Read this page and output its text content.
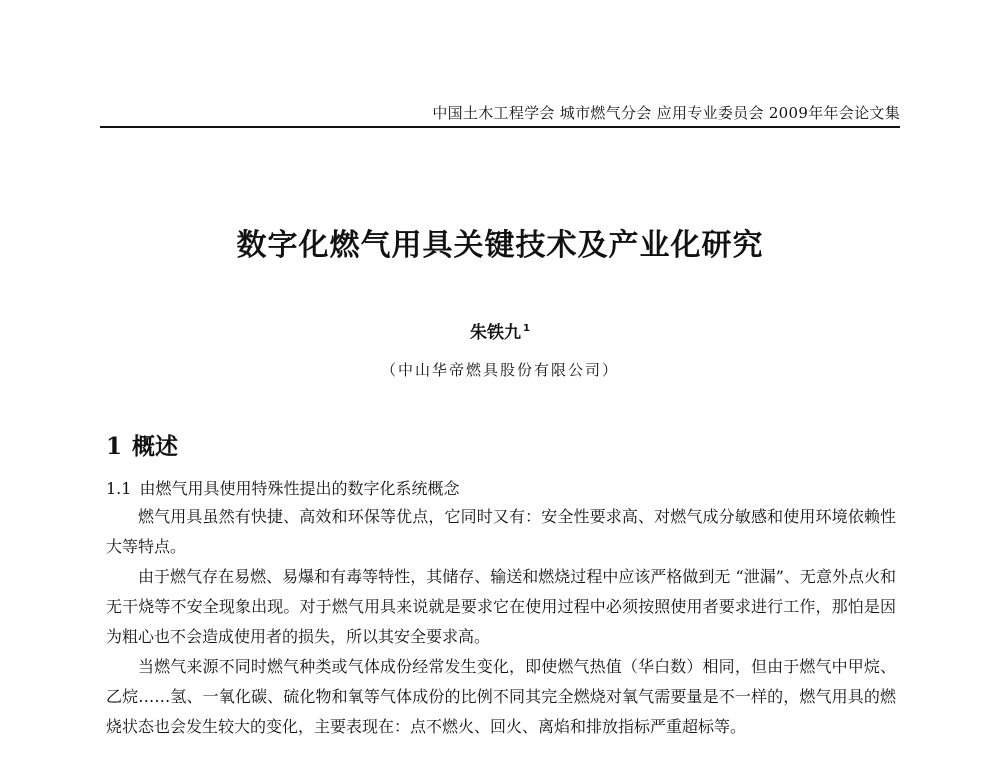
中国土木工程学会 城市燃气分会 应用专业委员会 2009年年会论文集
数字化燃气用具关键技术及产业化研究
朱铁九 $^1$
（中山华帝燃具股份有限公司）
1 概述
1.1 由燃气用具使用特殊性提出的数字化系统概念

燃气用具虽然有快捷、高效和环保等优点，它同时又有：安全性要求高、对燃气成分敏感和使用环境依赖性大等特点。

由于燃气存在易燃、易爆和有毒等特性，其储存、输送和燃烧过程中应该严格做到无 “泄漏”、无意外点火和无干烧等不安全现象出现。对于燃气用具来说就是要求它在使用过程中必须按照使用者要求进行工作，那怕是因为粗心也不会造成使用者的损失，所以其安全要求高。

当燃气来源不同时燃气种类或气体成份经常发生变化，即使燃气热值（华白数）相同，但由于燃气中甲烷、乙烷……氢、一氧化碳、硫化物和氧等气体成份的比例不同其完全燃烧对氧气需要量是不一样的，燃气用具的燃烧状态也会发生较大的变化，主要表现在：点不燃火、回火、离焰和排放指标严重超标等。
